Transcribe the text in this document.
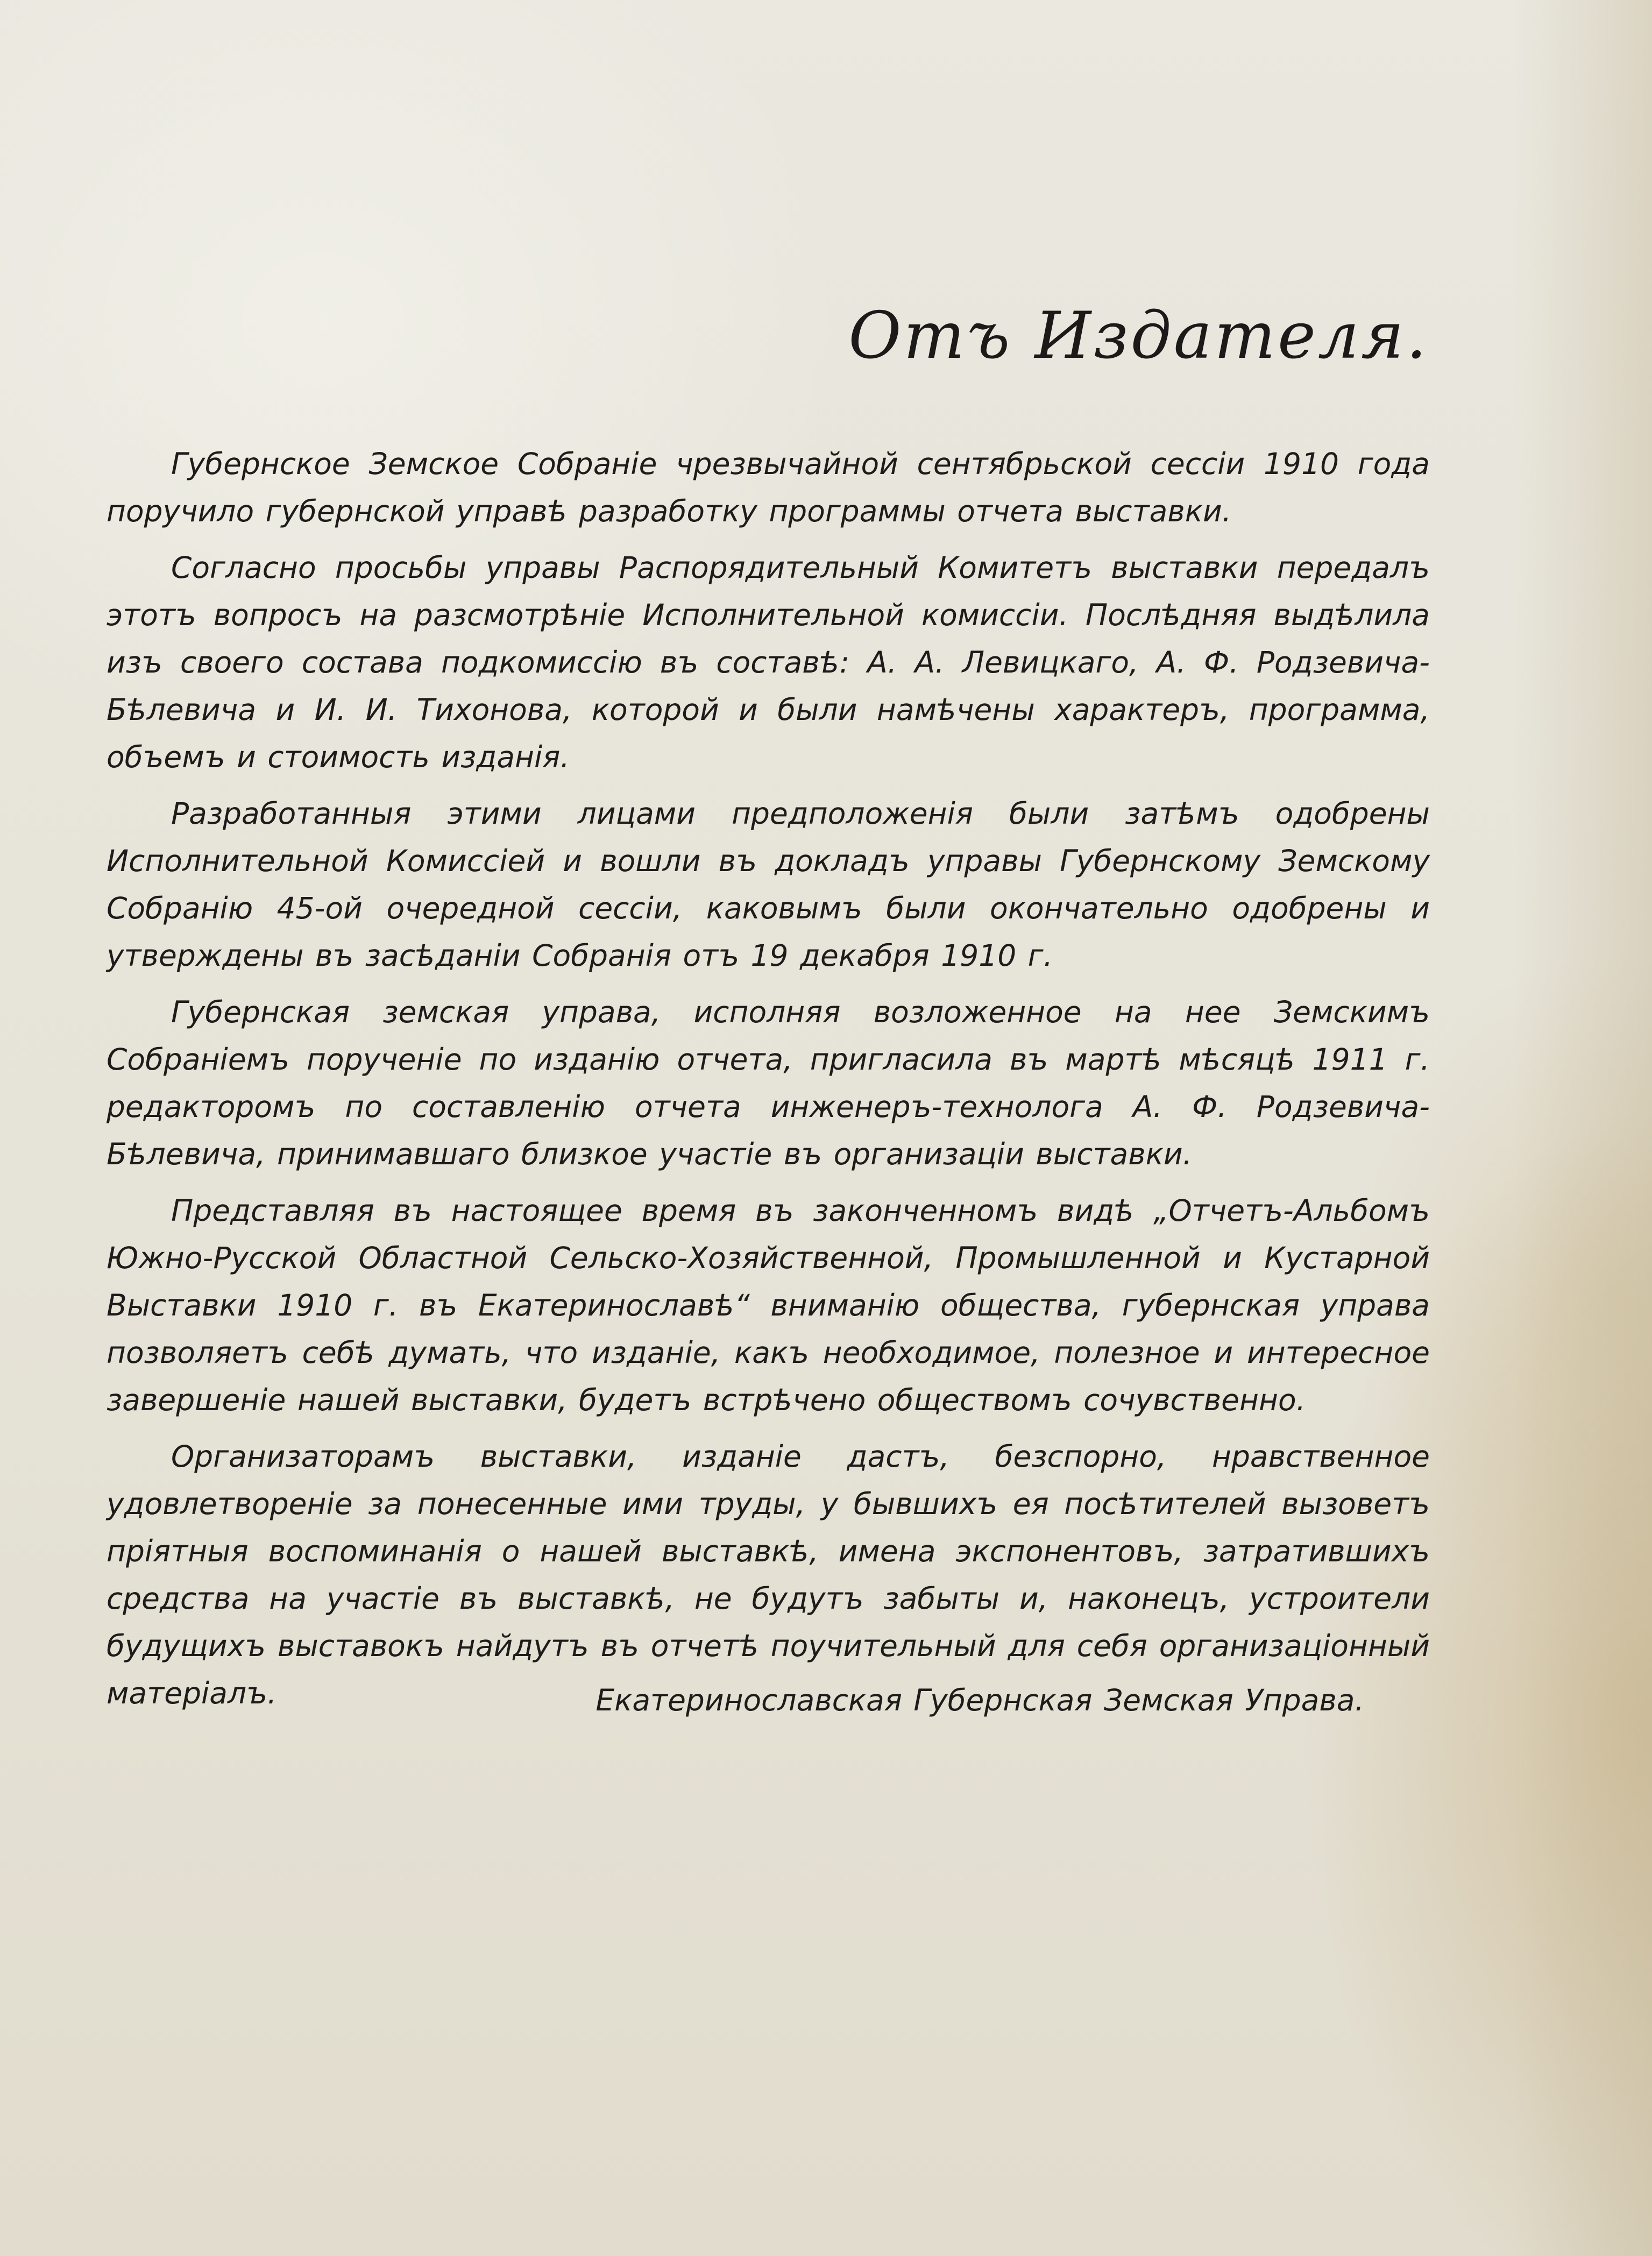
Отъ Издателя.

Губернское Земское Собраніе чрезвычайной сентябрьской сессіи 1910 года поручило губернской управѣ разработку программы отчета выставки.

Согласно просьбы управы Распорядительный Комитетъ выставки передалъ этотъ вопросъ на разсмотрѣніе Исполнительной комиссіи. Послѣдняя выдѣлила изъ своего состава подкомиссію въ составѣ: А. А. Левицкаго, А. Ф. Родзевича-Бѣлевича и И. И. Тихонова, которой и были намѣчены характеръ, программа, объемъ и стоимость изданія.

Разработанныя этими лицами предположенія были затѣмъ одобрены Исполнительной Комиссіей и вошли въ докладъ управы Губернскому Земскому Собранію 45-ой очередной сессіи, каковымъ были окончательно одобрены и утверждены въ засѣданіи Собранія отъ 19 декабря 1910 г.

Губернская земская управа, исполняя возложенное на нее Земскимъ Собраніемъ порученіе по изданію отчета, пригласила въ мартѣ мѣсяцѣ 1911 г. редакторомъ по составленію отчета инженеръ-технолога А. Ф. Родзевича-Бѣлевича, принимавшаго близкое участіе въ организаціи выставки.

Представляя въ настоящее время въ законченномъ видѣ „Отчетъ-Альбомъ Южно-Русской Областной Сельско-Хозяйственной, Промышленной и Кустарной Выставки 1910 г. въ Екатеринославѣ“ вниманію общества, губернская управа позволяетъ себѣ думать, что изданіе, какъ необходимое, полезное и интересное завершеніе нашей выставки, будетъ встрѣчено обществомъ сочувственно.

Организаторамъ выставки, изданіе дастъ, безспорно, нравственное удовлетвореніе за понесенные ими труды, у бывшихъ ея посѣтителей вызоветъ пріятныя воспоминанія о нашей выставкѣ, имена экспонентовъ, затратившихъ средства на участіе въ выставкѣ, не будутъ забыты и, наконецъ, устроители будущихъ выставокъ найдутъ въ отчетѣ поучительный для себя организаціонный матеріалъ.	Екатеринославская Губернская Земская Управа.
